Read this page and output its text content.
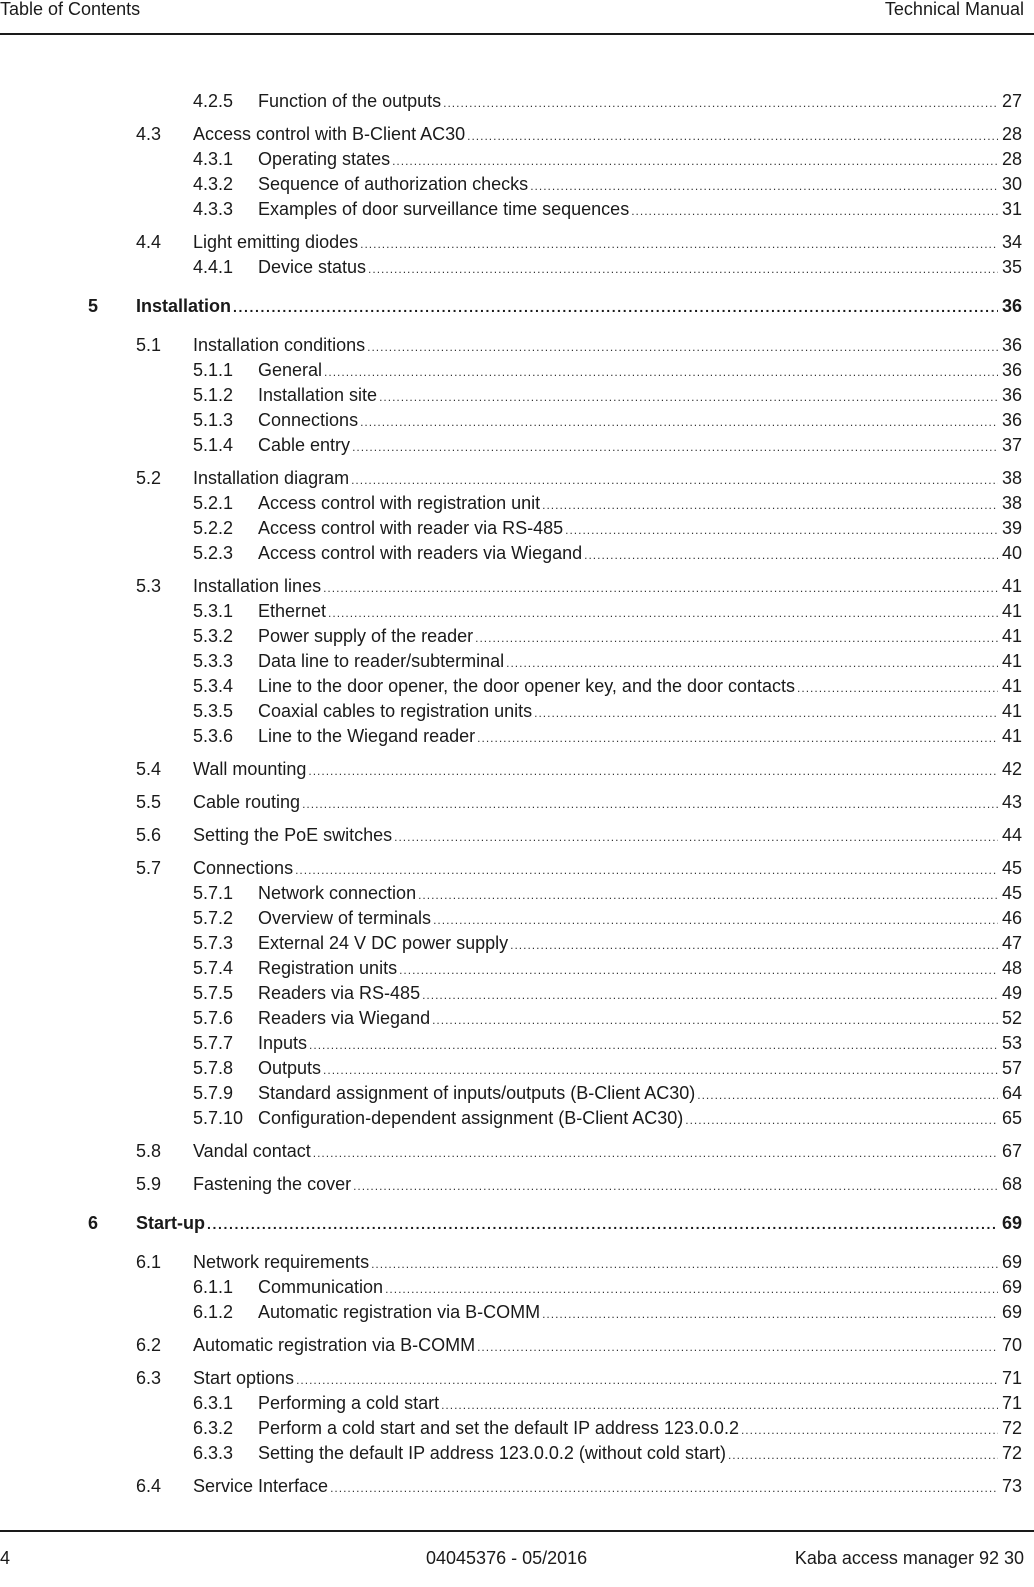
Table of Contents	Technical Manual
4.2.5 Function of the outputs .....	27
4.3 Access control with B-Client AC30 .....	28
4.3.1 Operating states .....	28
4.3.2 Sequence of authorization checks .....	30
4.3.3 Examples of door surveillance time sequences .....	31
4.4 Light emitting diodes .....	34
4.4.1 Device status .....	35
5 Installation .....	36
5.1 Installation conditions .....	36
5.1.1 General .....	36
5.1.2 Installation site .....	36
5.1.3 Connections .....	36
5.1.4 Cable entry .....	37
5.2 Installation diagram .....	38
5.2.1 Access control with registration unit .....	38
5.2.2 Access control with reader via RS-485 .....	39
5.2.3 Access control with readers via Wiegand .....	40
5.3 Installation lines .....	41
5.3.1 Ethernet .....	41
5.3.2 Power supply of the reader .....	41
5.3.3 Data line to reader/subterminal .....	41
5.3.4 Line to the door opener, the door opener key, and the door contacts .....	41
5.3.5 Coaxial cables to registration units .....	41
5.3.6 Line to the Wiegand reader .....	41
5.4 Wall mounting .....	42
5.5 Cable routing .....	43
5.6 Setting the PoE switches .....	44
5.7 Connections .....	45
5.7.1 Network connection .....	45
5.7.2 Overview of terminals .....	46
5.7.3 External 24 V DC power supply .....	47
5.7.4 Registration units .....	48
5.7.5 Readers via RS-485 .....	49
5.7.6 Readers via Wiegand .....	52
5.7.7 Inputs .....	53
5.7.8 Outputs .....	57
5.7.9 Standard assignment of inputs/outputs (B-Client AC30) .....	64
5.7.10 Configuration-dependent assignment (B-Client AC30) .....	65
5.8 Vandal contact .....	67
5.9 Fastening the cover .....	68
6 Start-up .....	69
6.1 Network requirements .....	69
6.1.1 Communication .....	69
6.1.2 Automatic registration via B-COMM .....	69
6.2 Automatic registration via B-COMM .....	70
6.3 Start options .....	71
6.3.1 Performing a cold start .....	71
6.3.2 Perform a cold start and set the default IP address 123.0.0.2 .....	72
6.3.3 Setting the default IP address 123.0.0.2 (without cold start) .....	72
6.4 Service Interface .....	73
4	04045376 - 05/2016	Kaba access manager 92 30
